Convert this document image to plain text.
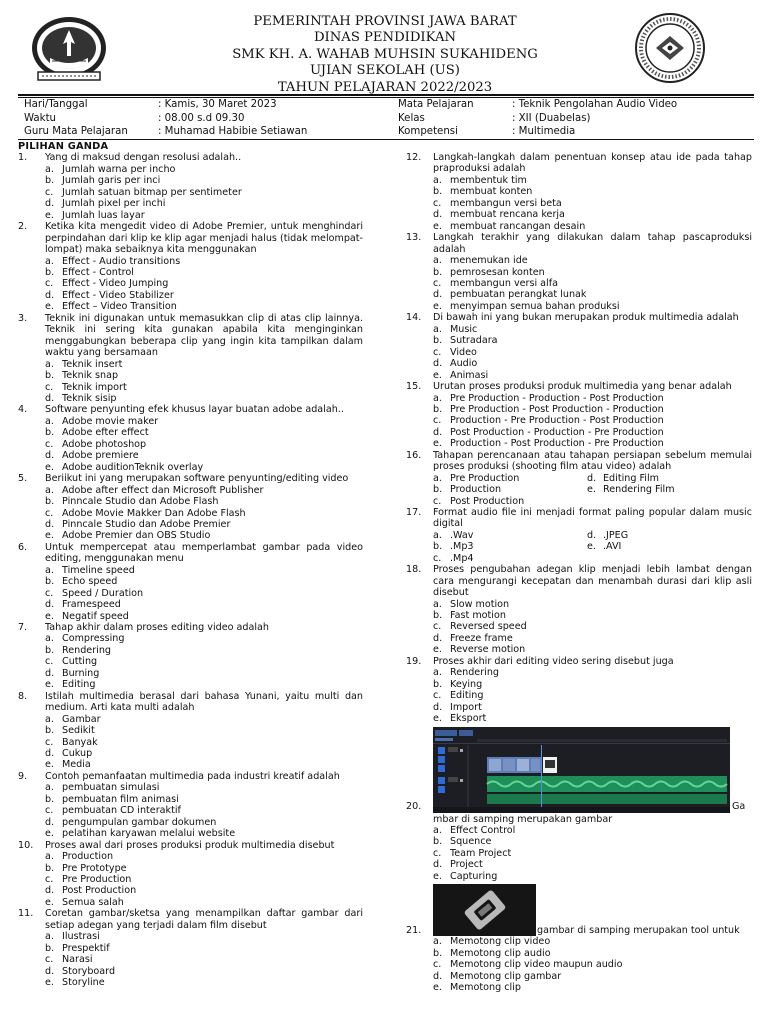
PEMERINTAH PROVINSI JAWA BARAT
DINAS PENDIDIKAN
SMK KH. A. WAHAB MUHSIN SUKAHIDENG
UJIAN SEKOLAH (US)
TAHUN PELAJARAN 2022/2023
Hari/Tanggal	: Kamis, 30 Maret 2023	Mata Pelajaran	: Teknik Pengolahan Audio Video
Waktu	: 08.00 s.d 09.30	Kelas	: XII (Duabelas)
Guru Mata Pelajaran	: Muhamad Habibie Setiawan	Kompetensi	: Multimedia
PILIHAN GANDA
1. Yang di maksud dengan resolusi adalah..
a. Jumlah warna per incho
b. Jumlah garis per inci
c. Jumlah satuan bitmap per sentimeter
d. Jumlah pixel per inchi
e. Jumlah luas layar
2. Ketika kita mengedit video di Adobe Premier, untuk menghindari perpindahan dari klip ke klip agar menjadi halus (tidak melompat-lompat) maka sebaiknya kita menggunakan
a. Effect - Audio transitions
b. Effect - Control
c. Effect - Video Jumping
d. Effect - Video Stabilizer
e. Effect – Video Transition
3. Teknik ini digunakan untuk memasukkan clip di atas clip lainnya. Teknik ini sering kita gunakan apabila kita menginginkan menggabungkan beberapa clip yang ingin kita tampilkan dalam waktu yang bersamaan
a. Teknik insert
b. Teknik snap
c. Teknik import
d. Teknik sisip
4. Software penyunting efek khusus layar buatan adobe adalah..
a. Adobe movie maker
b. Adobe efter effect
c. Adobe photoshop
d. Adobe premiere
e. Adobe auditionTeknik overlay
5. Beriikut ini yang merupakan software penyunting/editing video
a. Adobe after effect dan Microsoft Publisher
b. Pinncale Studio dan Adobe Flash
c. Adobe Movie Makker Dan Adobe Flash
d. Pinncale Studio dan Adobe Premier
e. Adobe Premier dan OBS Studio
6. Untuk mempercepat atau memperlambat gambar pada video editing, menggunakan menu
a. Timeline speed
b. Echo speed
c. Speed / Duration
d. Framespeed
e. Negatif speed
7. Tahap akhir dalam proses editing video adalah
a. Compressing
b. Rendering
c. Cutting
d. Burning
e. Editing
8. Istilah multimedia berasal dari bahasa Yunani, yaitu multi dan medium. Arti kata multi adalah
a. Gambar
b. Sedikit
c. Banyak
d. Cukup
e. Media
9. Contoh pemanfaatan multimedia pada industri kreatif adalah
a. pembuatan simulasi
b. pembuatan film animasi
c. pembuatan CD interaktif
d. pengumpulan gambar dokumen
e. pelatihan karyawan melalui website
10. Proses awal dari proses produksi produk multimedia disebut
a. Production
b. Pre Prototype
c. Pre Production
d. Post Production
e. Semua salah
11. Coretan gambar/sketsa yang menampilkan daftar gambar dari setiap adegan yang terjadi dalam film disebut
a. Ilustrasi
b. Prespektif
c. Narasi
d. Storyboard
e. Storyline
12. Langkah-langkah dalam penentuan konsep atau ide pada tahap praproduksi adalah
a. membentuk tim
b. membuat konten
c. membangun versi beta
d. membuat rencana kerja
e. membuat rancangan desain
13. Langkah terakhir yang dilakukan dalam tahap pascaproduksi adalah
a. menemukan ide
b. pemrosesan konten
c. membangun versi alfa
d. pembuatan perangkat lunak
e. menyimpan semua bahan produksi
14. Di bawah ini yang bukan merupakan produk multimedia adalah
a. Music
b. Sutradara
c. Video
d. Audio
e. Animasi
15. Urutan proses produksi produk multimedia yang benar adalah
a. Pre Production - Production - Post Production
b. Pre Production - Post Production - Production
c. Production - Pre Production - Post Production
d. Post Production - Production - Pre Production
e. Production - Post Production - Pre Production
16. Tahapan perencanaan atau tahapan persiapan sebelum memulai proses produksi (shooting film atau video) adalah
a. Pre Production	d. Editing Film
b. Production	e. Rendering Film
c. Post Production
17. Format audio file ini menjadi format paling popular dalam music digital
a. .Wav	d. .JPEG
b. .Mp3	e. .AVI
c. .Mp4
18. Proses pengubahan adegan klip menjadi lebih lambat dengan cara mengurangi kecepatan dan menambah durasi dari klip asli disebut
a. Slow motion
b. Fast motion
c. Reversed speed
d. Freeze frame
e. Reverse motion
19. Proses akhir dari editing video sering disebut juga
a. Rendering
b. Keying
c. Editing
d. Import
e. Eksport
20.	Ga
mbar di samping merupakan gambar
a. Effect Control
b. Squence
c. Team Project
d. Project
e. Capturing
21.	gambar di samping merupakan tool untuk
a. Memotong clip video
b. Memotong clip audio
c. Memotong clip video maupun audio
d. Memotong clip gambar
e. Memotong clip
